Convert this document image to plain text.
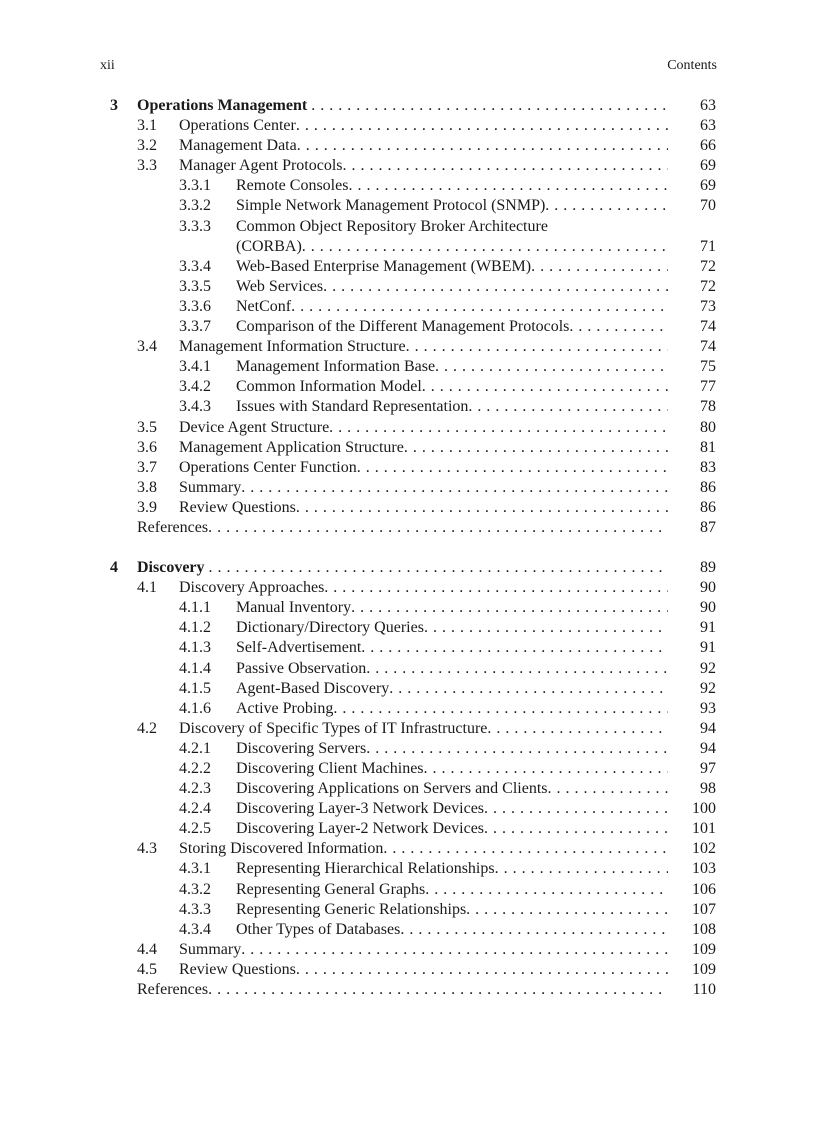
xii	Contents
3 Operations Management . . .	63
3.1 Operations Center . . .	63
3.2 Management Data . . .	66
3.3 Manager Agent Protocols . . .	69
3.3.1 Remote Consoles . . .	69
3.3.2 Simple Network Management Protocol (SNMP) . . .	70
3.3.3 Common Object Repository Broker Architecture
(CORBA) . . .	71
3.3.4 Web-Based Enterprise Management (WBEM) . . .	72
3.3.5 Web Services . . .	72
3.3.6 NetConf . . .	73
3.3.7 Comparison of the Different Management Protocols . . .	74
3.4 Management Information Structure . . .	74
3.4.1 Management Information Base . . .	75
3.4.2 Common Information Model . . .	77
3.4.3 Issues with Standard Representation . . .	78
3.5 Device Agent Structure . . .	80
3.6 Management Application Structure . . .	81
3.7 Operations Center Function . . .	83
3.8 Summary . . .	86
3.9 Review Questions . . .	86
References . . .	87
4 Discovery . . .	89
4.1 Discovery Approaches . . .	90
4.1.1 Manual Inventory . . .	90
4.1.2 Dictionary/Directory Queries . . .	91
4.1.3 Self-Advertisement . . .	91
4.1.4 Passive Observation . . .	92
4.1.5 Agent-Based Discovery . . .	92
4.1.6 Active Probing . . .	93
4.2 Discovery of Specific Types of IT Infrastructure . . .	94
4.2.1 Discovering Servers . . .	94
4.2.2 Discovering Client Machines . . .	97
4.2.3 Discovering Applications on Servers and Clients . . .	98
4.2.4 Discovering Layer-3 Network Devices . . .	100
4.2.5 Discovering Layer-2 Network Devices . . .	101
4.3 Storing Discovered Information . . .	102
4.3.1 Representing Hierarchical Relationships . . .	103
4.3.2 Representing General Graphs . . .	106
4.3.3 Representing Generic Relationships . . .	107
4.3.4 Other Types of Databases . . .	108
4.4 Summary . . .	109
4.5 Review Questions . . .	109
References . . .	110
